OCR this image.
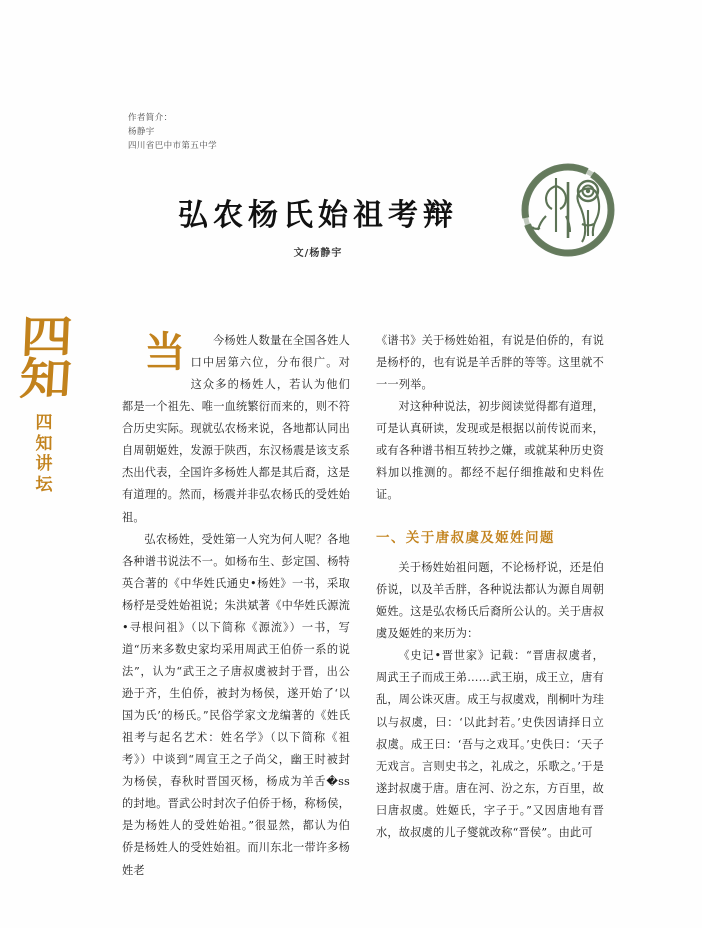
四
知
四
知
讲
坛
作者简介：
杨静宇
四川省巴中市第五中学
弘农杨氏始祖考辩
文/杨静宇

当 今杨姓人数量在全国各姓人口中居第六位，分布很广。对这众多的杨姓人，若认为他们都是一个祖先、唯一血统繁衍而来的，则不符合历史实际。现就弘农杨来说，各地都认同出自周朝姬姓，发源于陕西，东汉杨震是该支系杰出代表，全国许多杨姓人都是其后裔，这是有道理的。然而，杨震并非弘农杨氏的受姓始祖。

弘农杨姓，受姓第一人究为何人呢？各地各种谱书说法不一。如杨布生、彭定国、杨特英合著的《中华姓氏通史•杨姓》一书，采取杨杼是受姓始祖说；朱洪斌著《中华姓氏源流•寻根问祖》（以下简称《源流》）一书，写道“历来多数史家均采用周武王伯侨一系的说法”，认为“武王之子唐叔虞被封于晋，出公逊于齐，生伯侨，被封为杨侯，遂开始了‘以国为氏’的杨氏。”民俗学家文龙编著的《姓氏祖考与起名艺术：姓名学》（以下简称《祖考》）中谈到“周宣王之子尚父，幽王时被封为杨侯，春秋时晋国灭杨，杨成为羊舌�ss的封地。晋武公时封次子伯侨于杨，称杨侯，是为杨姓人的受姓始祖。”很显然，都认为伯侨是杨姓人的受姓始祖。而川东北一带许多杨姓老

《谱书》关于杨姓始祖，有说是伯侨的，有说是杨杼的，也有说是羊舌胖的等等。这里就不一一列举。

对这种种说法，初步阅读觉得都有道理，可是认真研读，发现或是根据以前传说而来，或有各种谱书相互转抄之嫌，或就某种历史资料加以推测的。都经不起仔细推敲和史料佐证。

一、关于唐叔虞及姬姓问题

关于杨姓始祖问题，不论杨杼说，还是伯侨说，以及羊舌胖，各种说法都认为源自周朝姬姓。这是弘农杨氏后裔所公认的。关于唐叔虞及姬姓的来历为：

《史记•晋世家》记载：“晋唐叔虞者，周武王子而成王弟……武王崩，成王立，唐有乱，周公诛灭唐。成王与叔虞戏，削桐叶为珪以与叔虞，曰：‘以此封若。’史佚因请择日立叔虞。成王曰：‘吾与之戏耳。’史佚曰：‘天子无戏言。言则史书之，礼成之，乐歌之。’于是遂封叔虞于唐。唐在河、汾之东，方百里，故曰唐叔虞。姓姬氏，字子于。”又因唐地有晋水，故叔虞的儿子燮就改称“晋侯”。由此可
